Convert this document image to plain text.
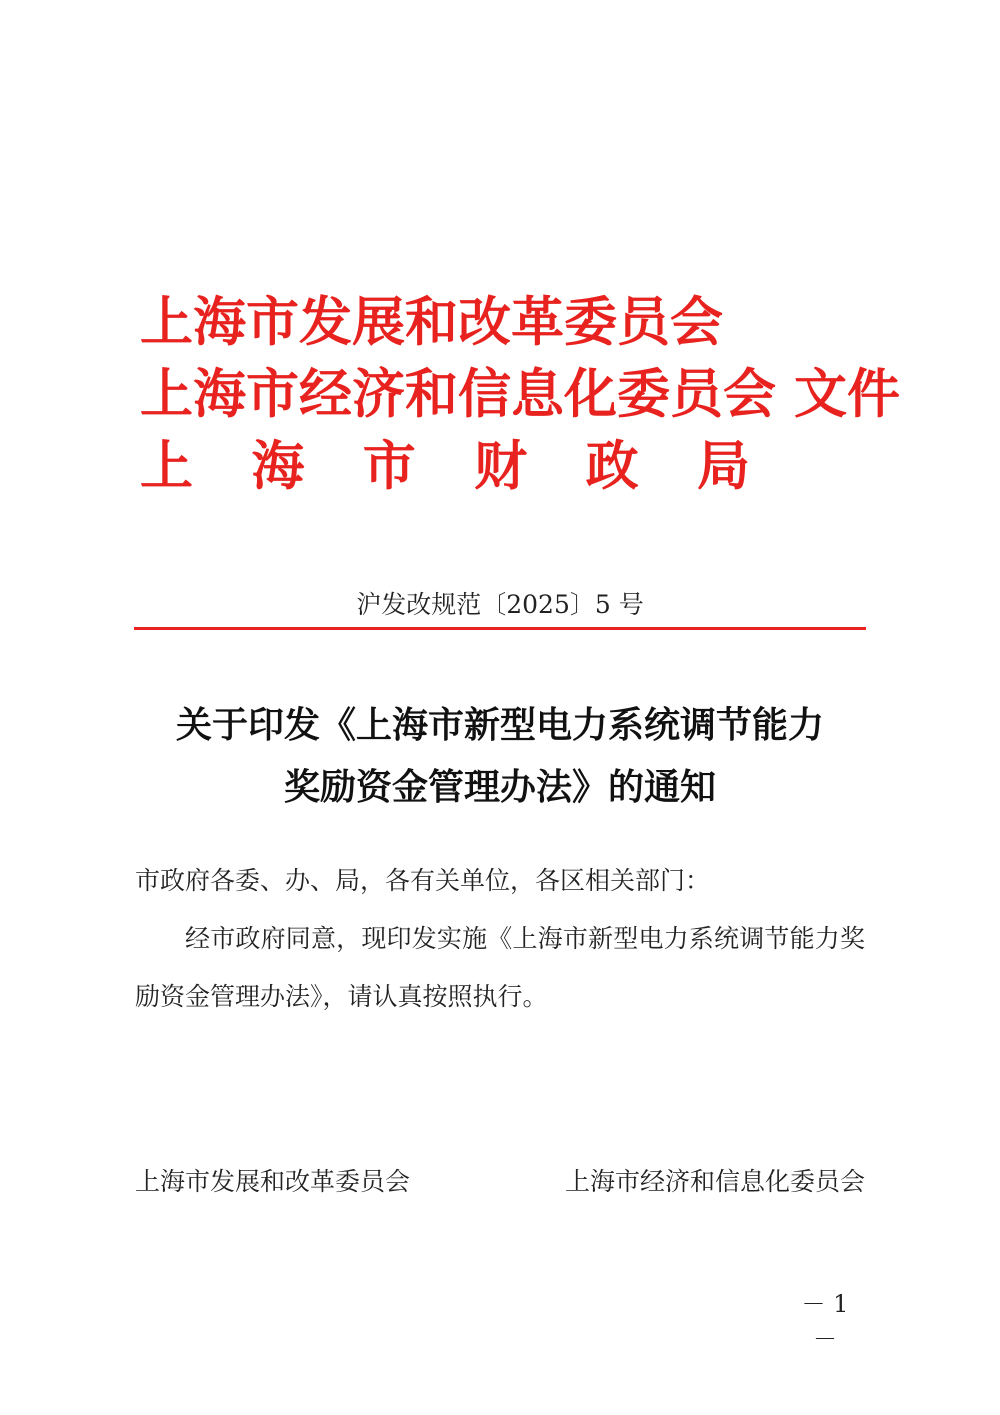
上海市发展和改革委员会
上海市经济和信息化委员会 文件
上 海 市 财 政 局
沪发改规范〔2025〕5 号
关于印发《上海市新型电力系统调节能力
奖励资金管理办法》的通知

市政府各委、办、局，各有关单位，各区相关部门：

经市政府同意，现印发实施《上海市新型电力系统调节能力奖励资金管理办法》，请认真按照执行。

上海市发展和改革委员会	上海市经济和信息化委员会
－ 1 －
